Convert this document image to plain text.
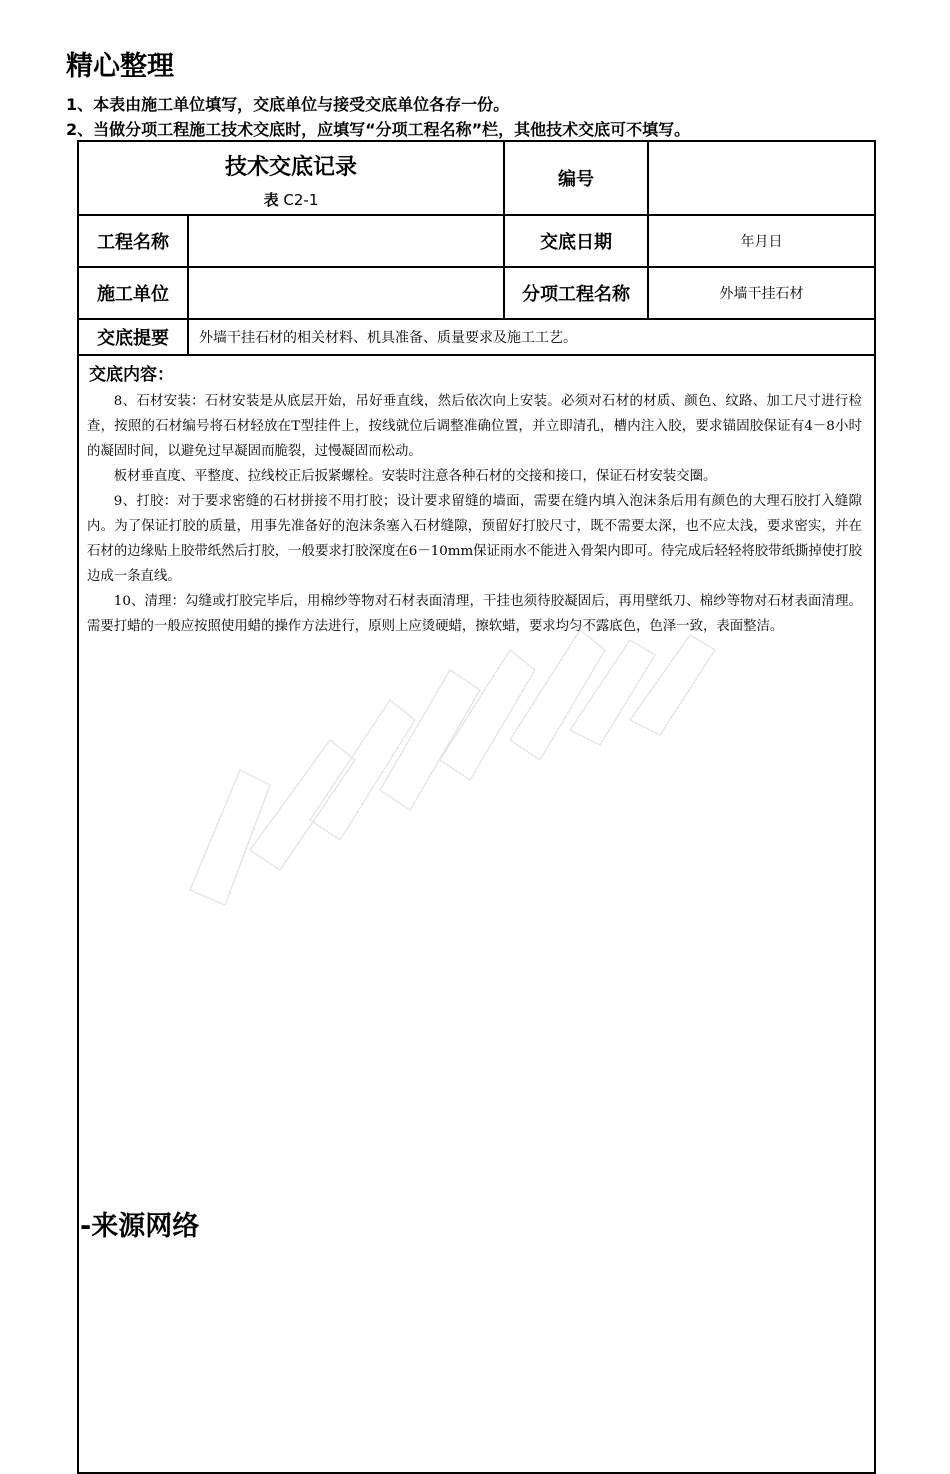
精心整理
1、本表由施工单位填写，交底单位与接受交底单位各存一份。
2、当做分项工程施工技术交底时，应填写“分项工程名称”栏，其他技术交底可不填写。
技术交底记录
表 C2-1		编号	
工程名称		交底日期	年月日
施工单位		分项工程名称	外墙干挂石材
交底提要	外墙干挂石材的相关材料、机具准备、质量要求及施工工艺。		

交底内容：

8、石材安装：石材安装是从底层开始，吊好垂直线，然后依次向上安装。必须对石材的材质、颜色、纹路、加工尺寸进行检查，按照的石材编号将石材轻放在T型挂件上，按线就位后调整准确位置，并立即清孔，槽内注入胶，要求锚固胶保证有4－8小时的凝固时间，以避免过早凝固而脆裂，过慢凝固而松动。

板材垂直度、平整度、拉线校正后扳紧螺栓。安装时注意各种石材的交接和接口，保证石材安装交圈。

9、打胶：对于要求密缝的石材拼接不用打胶；设计要求留缝的墙面，需要在缝内填入泡沫条后用有颜色的大理石胶打入缝隙内。为了保证打胶的质量，用事先准备好的泡沫条塞入石材缝隙，预留好打胶尺寸，既不需要太深，也不应太浅，要求密实，并在石材的边缘贴上胶带纸然后打胶，一般要求打胶深度在6－10mm保证雨水不能进入骨架内即可。待完成后轻轻将胶带纸撕掉使打胶边成一条直线。

10、清理：勾缝或打胶完毕后，用棉纱等物对石材表面清理，干挂也须待胶凝固后，再用壁纸刀、棉纱等物对石材表面清理。需要打蜡的一般应按照使用蜡的操作方法进行，原则上应烫硬蜡，擦软蜡，要求均匀不露底色，色泽一致，表面整洁。			

-来源网络
